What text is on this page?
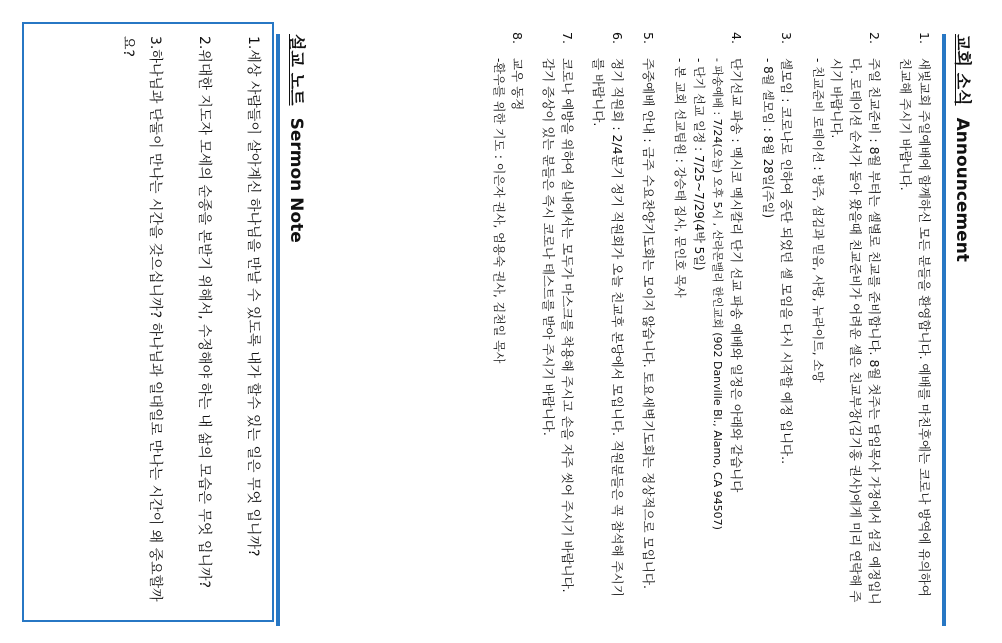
교회 소식Announcement
1.
새빛교회 주일예배에 함께하신 모든 분들을 환영합니다. 예배를 마친후에는 코로나 방역에 유의하여 친교해 주시기 바랍니다.
2.
주일 친교준비 : 8월 부터는 셀별로 친교를 준비합니다. 8월 첫주는 담임목사 가정에서 섬길 예정입니다. 로테이션 순서가 돌아 왔을때 친교준비가 어려운 셀은 친교부장(김기홍 권사)에게 미리 연락해 주시기 바랍니다.
- 친교준비 로테이션 : 방주, 섬김과 믿음, 사랑, 뉴라이트, 소망
3.
셀모임 : 코로나로 인하여 중단 되었던 셀 모임을 다시 시작할 예정 입니다..
- 8월 셀모임 : 8월 28일(주일)
4.
단기선교 파송 : 멕시코 멕시칼리 단기 선교 파송 예배와 일정은 아래와 같습니다
- 파송예배 : 7/24(오늘) 오후 5시 , 산라몬밸리 한인교회 (902 Danville Bl., Alamo, CA 94507)
- 단기 선교 일정 : 7/25~7/29(4박 5일)
- 본 교회 선교팀원 : 강승태 집사, 문인호 목사
5.
주중예배 안내 : 금주 수요찬양기도회는 모이지 않습니다. 토요새벽기도회는 정상적으로 모입니다.
6.
정기 직원회 : 2/4분기 정기 직원회가 오늘 친교후 본당에서 모입니다. 직원분들은 꼭 참석해 주시기를 바랍니다.
7.
코로나 예방을 위하여 실내에서는 모두가 마스크를 착용해 주시고 손을 자주 씻어 주시기 바랍니다. 감기 증상이 있는 분들은 즉시 코로나 테스트를 받아 주시기 바랍니다.
8.
교우 동정
-환우를 위한 기도 : 이은자 권사, 엄용숙 권사, 김천일 목사
설교 노트Sermon Note

1.세상 사람들이 살아계신 하나님을 만날 수 있도록 내가 할수 있는 일은 무엇 입니까?

2.위대한 지도자 모세의 순종을 본받기 위해서, 수정해야 하는 내 삶의 모습은 무엇 입니까?

3.하나님과 단둘이 만나는 시간을 갖으십니까? 하나님과 일대일로 만나는 시간이 왜 중요할까요?
